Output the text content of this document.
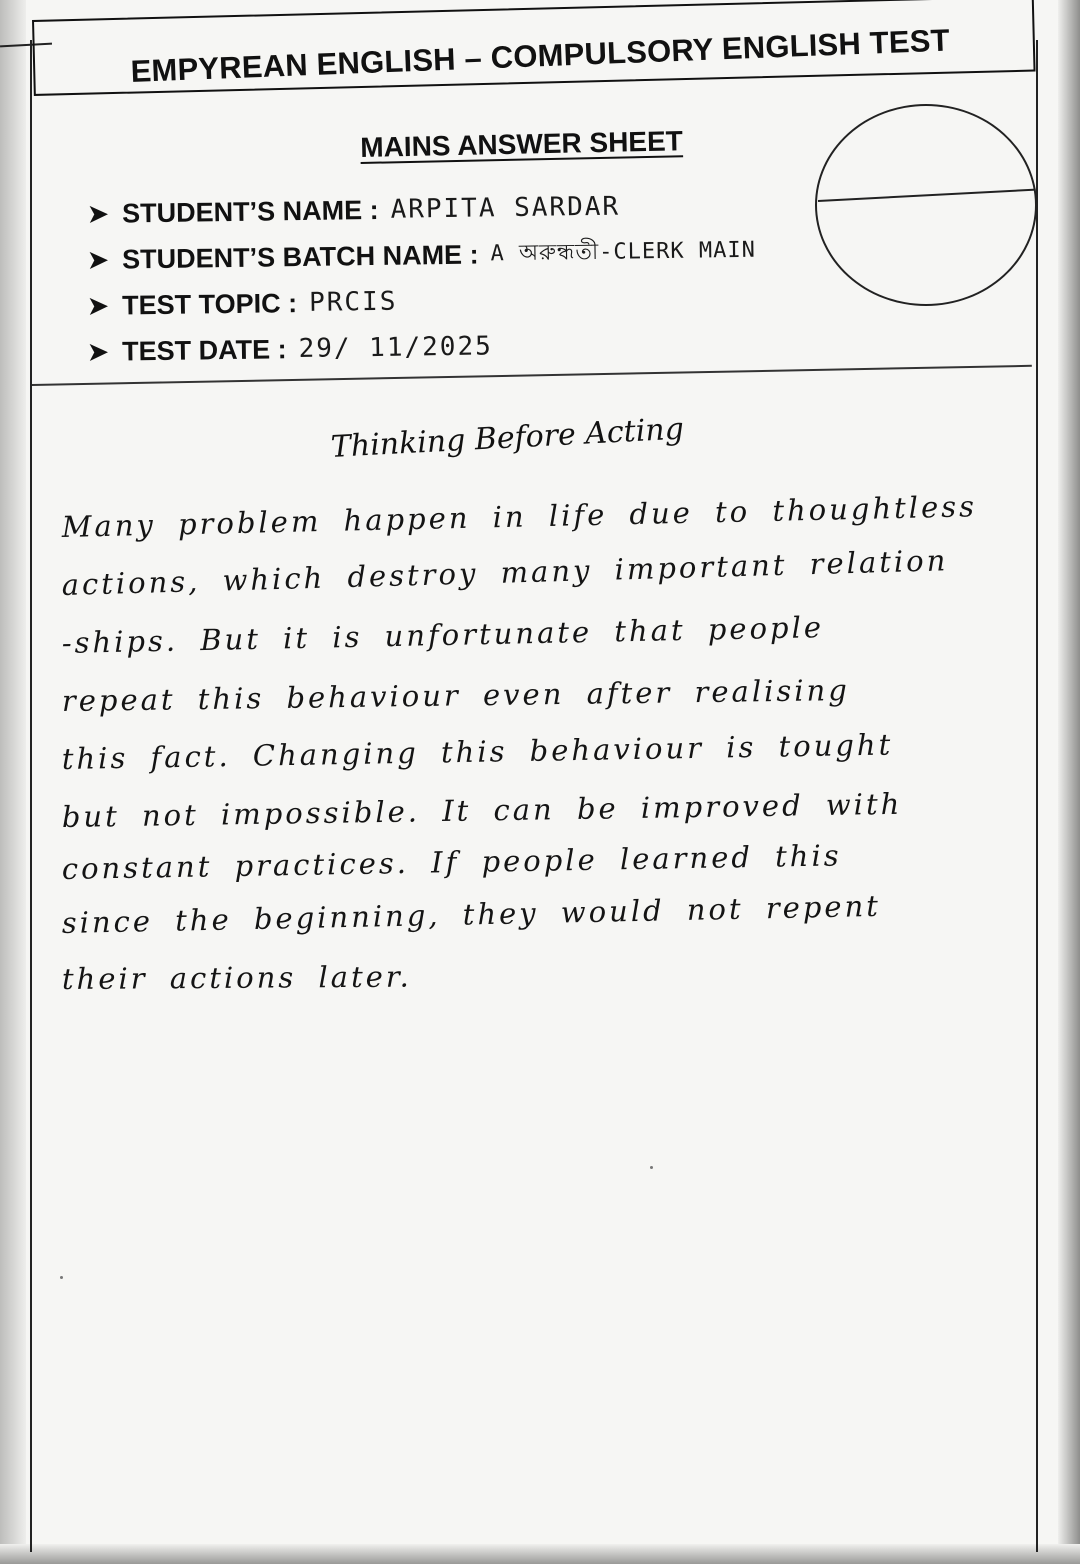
EMPYREAN ENGLISH – COMPULSORY ENGLISH TEST
MAINS ANSWER SHEET
➤ STUDENT’S NAME : ARPITA SARDAR
➤ STUDENT’S BATCH NAME : A অরুন্ধতী-CLERK MAIN
➤ TEST TOPIC : PRCIS
➤ TEST DATE : 29/ 11/2025
Thinking Before Acting
Many problem happen in life due to thoughtless
actions, which destroy many important relation
-ships. But it is unfortunate that people
repeat this behaviour even after realising
this fact. Changing this behaviour is tought
but not impossible. It can be improved with
constant practices. If people learned this
since the beginning, they would not repent
their actions later.
